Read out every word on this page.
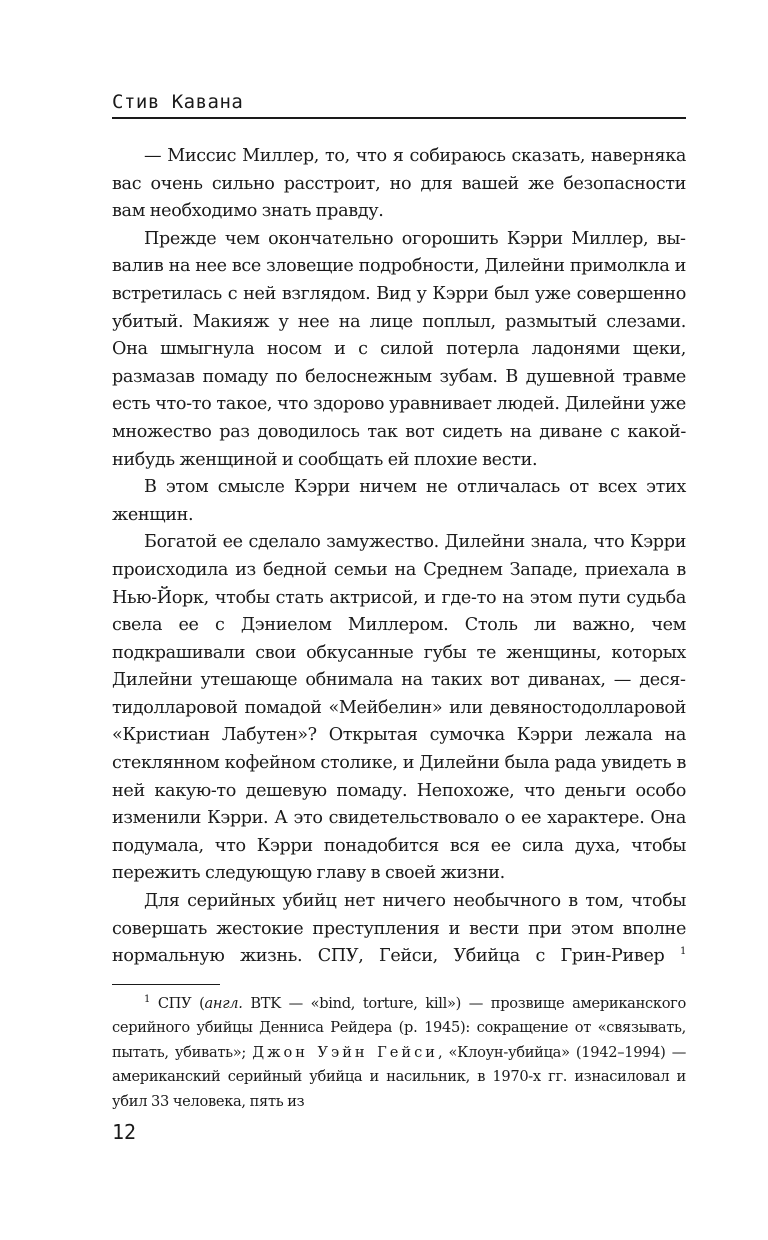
Стив Кавана

— Миссис Миллер, то, что я собираюсь сказать, наверняка вас очень сильно расстроит, но для вашей же безопасности вам необходимо знать правду.

Прежде чем окончательно огорошить Кэрри Миллер, вывалив на нее все зловещие подробности, Дилейни примолкла и встретилась с ней взглядом. Вид у Кэрри был уже совершенно убитый. Макияж у нее на лице поплыл, размытый слезами. Она шмыгнула носом и с силой потерла ладонями щеки, размазав помаду по белоснежным зубам. В душевной травме есть что-то такое, что здорово уравнивает людей. Дилейни уже множество раз доводилось так вот сидеть на диване с какой-нибудь женщиной и сообщать ей плохие вести.

В этом смысле Кэрри ничем не отличалась от всех этих женщин.

Богатой ее сделало замужество. Дилейни знала, что Кэрри происходила из бедной семьи на Среднем Западе, приехала в Нью-Йорк, чтобы стать актрисой, и где-то на этом пути судьба свела ее с Дэниелом Миллером. Столь ли важно, чем подкрашивали свои обкусанные губы те женщины, которых Дилейни утешающе обнимала на таких вот диванах, — десятидолларовой помадой «Мейбелин» или девяностодолларовой «Кристиан Лабутен»? Открытая сумочка Кэрри лежала на стеклянном кофейном столике, и Дилейни была рада увидеть в ней какую-то дешевую помаду. Непохоже, что деньги особо изменили Кэрри. А это свидетельствовало о ее характере. Она подумала, что Кэрри понадобится вся ее сила духа, чтобы пережить следующую главу в своей жизни.

Для серийных убийц нет ничего необычного в том, чтобы совершать жестокие преступления и вести при этом вполне нормальную жизнь. СПУ, Гейси, Убийца с Грин-Ривер $^1$

$^1$ СПУ (англ. BTK — «bind, torture, kill») — прозвище американского серийного убийцы Денниса Рейдера (р. 1945): сокращение от «связывать, пытать, убивать»; Джон Уэйн Гейси, «Клоун-убийца» (1942–1994) — американский серийный убийца и насильник, в 1970-х гг. изнасиловал и убил 33 человека, пять из

12
